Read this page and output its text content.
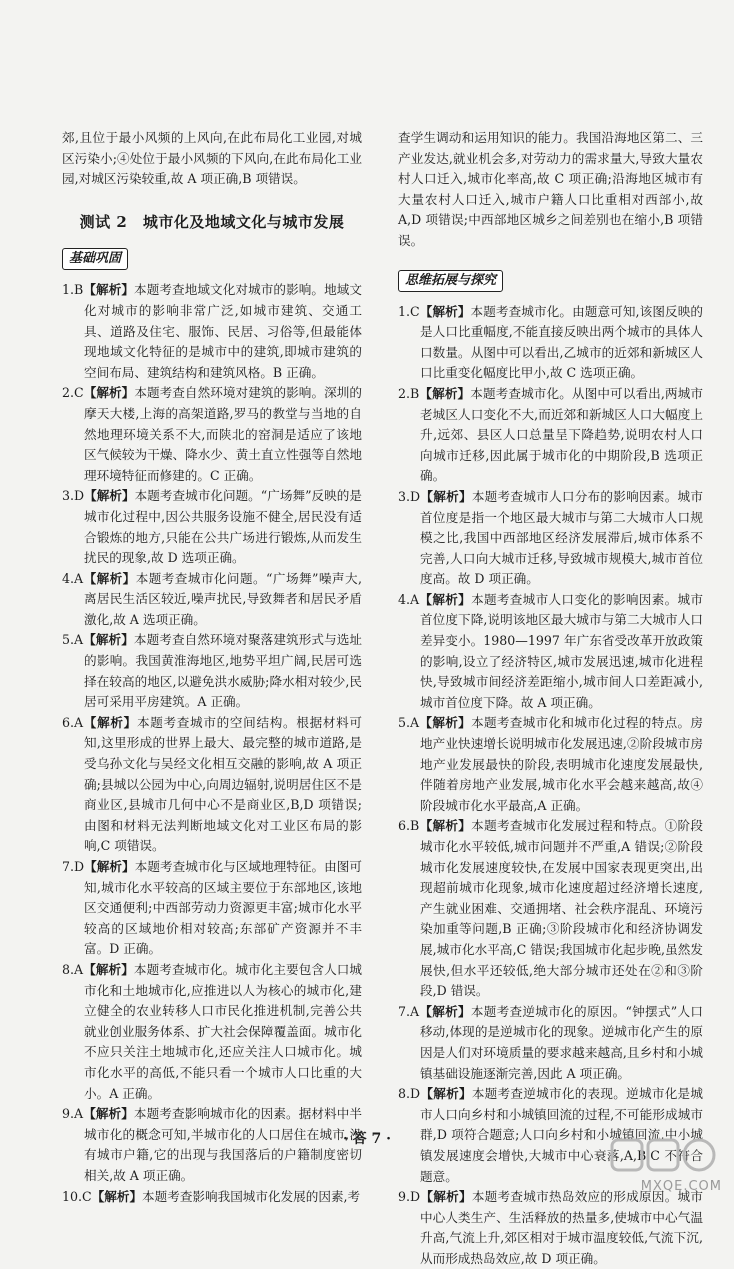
郊,且位于最小风频的上风向,在此布局化工业园,对城区污染小;④处位于最小风频的下风向,在此布局化工业园,对城区污染较重,故 A 项正确,B 项错误。

测试 2　城市化及地域文化与城市发展
基础巩固

1.B【解析】本题考查地域文化对城市的影响。地域文化对城市的影响非常广泛,如城市建筑、交通工具、道路及住宅、服饰、民居、习俗等,但最能体现地域文化特征的是城市中的建筑,即城市建筑的空间布局、建筑结构和建筑风格。B 正确。

2.C【解析】本题考查自然环境对建筑的影响。深圳的摩天大楼,上海的高架道路,罗马的教堂与当地的自然地理环境关系不大,而陕北的窑洞是适应了该地区气候较为干燥、降水少、黄土直立性强等自然地理环境特征而修建的。C 正确。

3.D【解析】本题考查城市化问题。“广场舞”反映的是城市化过程中,因公共服务设施不健全,居民没有适合锻炼的地方,只能在公共广场进行锻炼,从而发生扰民的现象,故 D 选项正确。

4.A【解析】本题考查城市化问题。“广场舞”噪声大,离居民生活区较近,噪声扰民,导致舞者和居民矛盾激化,故 A 选项正确。

5.A【解析】本题考查自然环境对聚落建筑形式与选址的影响。我国黄淮海地区,地势平坦广阔,民居可选择在较高的地区,以避免洪水威胁;降水相对较少,民居可采用平房建筑。A 正确。

6.A【解析】本题考查城市的空间结构。根据材料可知,这里形成的世界上最大、最完整的城市道路,是受乌孙文化与吴经文化相互交融的影响,故 A 项正确;县城以公园为中心,向周边辐射,说明居住区不是商业区,县城市几何中心不是商业区,B,D 项错误;由图和材料无法判断地域文化对工业区布局的影响,C 项错误。

7.D【解析】本题考查城市化与区域地理特征。由图可知,城市化水平较高的区域主要位于东部地区,该地区交通便利;中西部劳动力资源更丰富;城市化水平较高的区域地价相对较高;东部矿产资源并不丰富。D 正确。

8.A【解析】本题考查城市化。城市化主要包含人口城市化和土地城市化,应推进以人为核心的城市化,建立健全的农业转移人口市民化推进机制,完善公共就业创业服务体系、扩大社会保障覆盖面。城市化不应只关注土地城市化,还应关注人口城市化。城市化水平的高低,不能只看一个城市人口比重的大小。A 正确。

9.A【解析】本题考查影响城市化的因素。据材料中半城市化的概念可知,半城市化的人口居住在城市,没有城市户籍,它的出现与我国落后的户籍制度密切相关,故 A 项正确。

10.C【解析】本题考查影响我国城市化发展的因素,考

查学生调动和运用知识的能力。我国沿海地区第二、三产业发达,就业机会多,对劳动力的需求量大,导致大量农村人口迁入,城市化率高,故 C 项正确;沿海地区城市有大量农村人口迁入,城市户籍人口比重相对西部小,故 A,D 项错误;中西部地区城乡之间差别也在缩小,B 项错误。

思维拓展与探究

1.C【解析】本题考查城市化。由题意可知,该图反映的是人口比重幅度,不能直接反映出两个城市的具体人口数量。从图中可以看出,乙城市的近郊和新城区人口比重变化幅度比甲小,故 C 选项正确。

2.B【解析】本题考查城市化。从图中可以看出,两城市老城区人口变化不大,而近郊和新城区人口大幅度上升,远郊、县区人口总量呈下降趋势,说明农村人口向城市迁移,因此属于城市化的中期阶段,B 选项正确。

3.D【解析】本题考查城市人口分布的影响因素。城市首位度是指一个地区最大城市与第二大城市人口规模之比,我国中西部地区经济发展滞后,城市体系不完善,人口向大城市迁移,导致城市规模大,城市首位度高。故 D 项正确。

4.A【解析】本题考查城市人口变化的影响因素。城市首位度下降,说明该地区最大城市与第二大城市人口差异变小。1980—1997 年广东省受改革开放政策的影响,设立了经济特区,城市发展迅速,城市化进程快,导致城市间经济差距缩小,城市间人口差距减小,城市首位度下降。故 A 项正确。

5.A【解析】本题考查城市化和城市化过程的特点。房地产业快速增长说明城市化发展迅速,②阶段城市房地产业发展最快的阶段,表明城市化速度发展最快,伴随着房地产业发展,城市化水平会越来越高,故④阶段城市化水平最高,A 正确。

6.B【解析】本题考查城市化发展过程和特点。①阶段城市化水平较低,城市问题并不严重,A 错误;②阶段城市化发展速度较快,在发展中国家表现更突出,出现超前城市化现象,城市化速度超过经济增长速度,产生就业困难、交通拥堵、社会秩序混乱、环境污染加重等问题,B 正确;③阶段城市化和经济协调发展,城市化水平高,C 错误;我国城市化起步晚,虽然发展快,但水平还较低,绝大部分城市还处在②和③阶段,D 错误。

7.A【解析】本题考查逆城市化的原因。“钟摆式”人口移动,体现的是逆城市化的现象。逆城市化产生的原因是人们对环境质量的要求越来越高,且乡村和小城镇基础设施逐渐完善,因此 A 项正确。

8.D【解析】本题考查逆城市化的表现。逆城市化是城市人口向乡村和小城镇回流的过程,不可能形成城市群,D 项符合题意;人口向乡村和小城镇回流,中小城镇发展速度会增快,大城市中心衰落,A,B,C 不符合题意。

9.D【解析】本题考查城市热岛效应的形成原因。城市中心人类生产、生活释放的热量多,使城市中心气温升高,气流上升,郊区相对于城市温度较低,气流下沉,从而形成热岛效应,故 D 项正确。

· 答 7 ·
MXQE.COM
